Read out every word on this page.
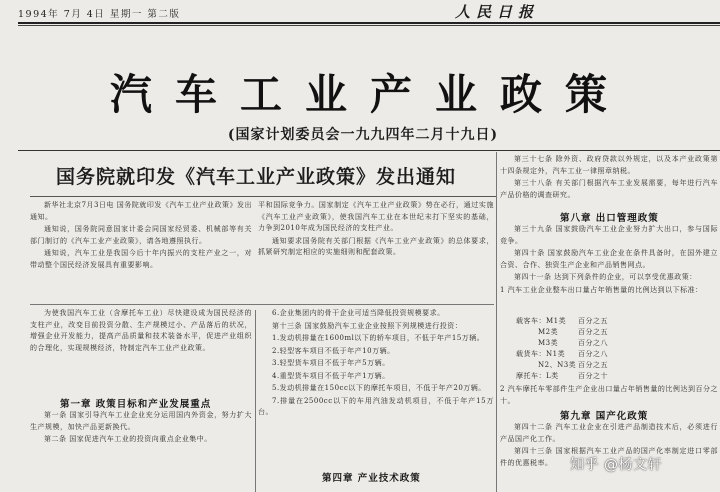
1994年 7月 4日 星期一 第二版	人民日报
汽车工业产业政策
(国家计划委员会一九九四年二月十九日)
国务院就印发《汽车工业产业政策》发出通知

新华社北京7月3日电 国务院就印发《汽车工业产业政策》发出通知。

通知说，国务院同意国家计委会同国家经贸委、机械部等有关部门制订的《汽车工业产业政策》，请各地遵照执行。

通知说，汽车工业是我国今后十年内振兴的支柱产业之一，对带动整个国民经济发展具有重要影响。

平和国际竞争力。国家制定《汽车工业产业政策》势在必行，通过实施《汽车工业产业政策》，使我国汽车工业在本世纪末打下坚实的基础，力争到2010年成为国民经济的支柱产业。

通知要求国务院有关部门根据《汽车工业产业政策》的总体要求，抓紧研究制定相应的实施细则和配套政策。

为使我国汽车工业（含摩托车工业）尽快建设成为国民经济的支柱产业，改变目前投资分散、生产规模过小、产品落后的状况，增强企业开发能力，提高产品质量和技术装备水平，促进产业组织的合理化，实现规模经济，特制定汽车工业产业政策。

第一章 政策目标和产业发展重点

第一条 国家引导汽车工业企业充分运用国内外资金，努力扩大生产规模，加快产品更新换代。

第二条 国家促进汽车工业的投资向重点企业集中。

6.企业集团内的骨干企业可适当降低投资规模要求。

第十三条 国家鼓励汽车工业企业按照下列规模进行投资：

1.发动机排量在1600ml以下的轿车项目，不低于年产15万辆。

2.轻型客车项目不低于年产10万辆。

3.轻型货车项目不低于年产5万辆。

4.重型货车项目不低于年产1万辆。

5.发动机排量在150cc以下的摩托车项目，不低于年产20万辆。

7.排量在2500cc以下的车用汽油发动机项目，不低于年产15万台。

第四章 产业技术政策

第三十七条 除外资、政府贷款以外规定，以及本产业政策第十四条规定外，汽车工业一律照章纳税。

第三十八条 有关部门根据汽车工业发展需要，每年进行汽车产品价格的调查研究。

第八章 出口管理政策

第三十九条 国家鼓励汽车工业企业努力扩大出口，参与国际竞争。

第四十条 国家鼓励汽车工业企业在条件具备时，在国外建立合资、合作、独资生产企业和产品销售网点。

第四十一条 达到下列条件的企业，可以享受优惠政策：

1 汽车工业企业整车出口量占年销售量的比例达到以下标准：

载客车：M1类	百分之五
M2类	百分之五
M3类	百分之八
载货车：N1类	百分之八
N2、N3类 百分之五
摩托车：L类	百分之十

2 汽车摩托车零部件生产企业出口量占年销售量的比例达到百分之十。

第九章 国产化政策

第四十二条 汽车工业企业在引进产品制造技术后，必须进行产品国产化工作。

第四十三条 国家根据汽车工业产品的国产化率制定进口零部件的优惠税率。	知乎 @杨文轩
